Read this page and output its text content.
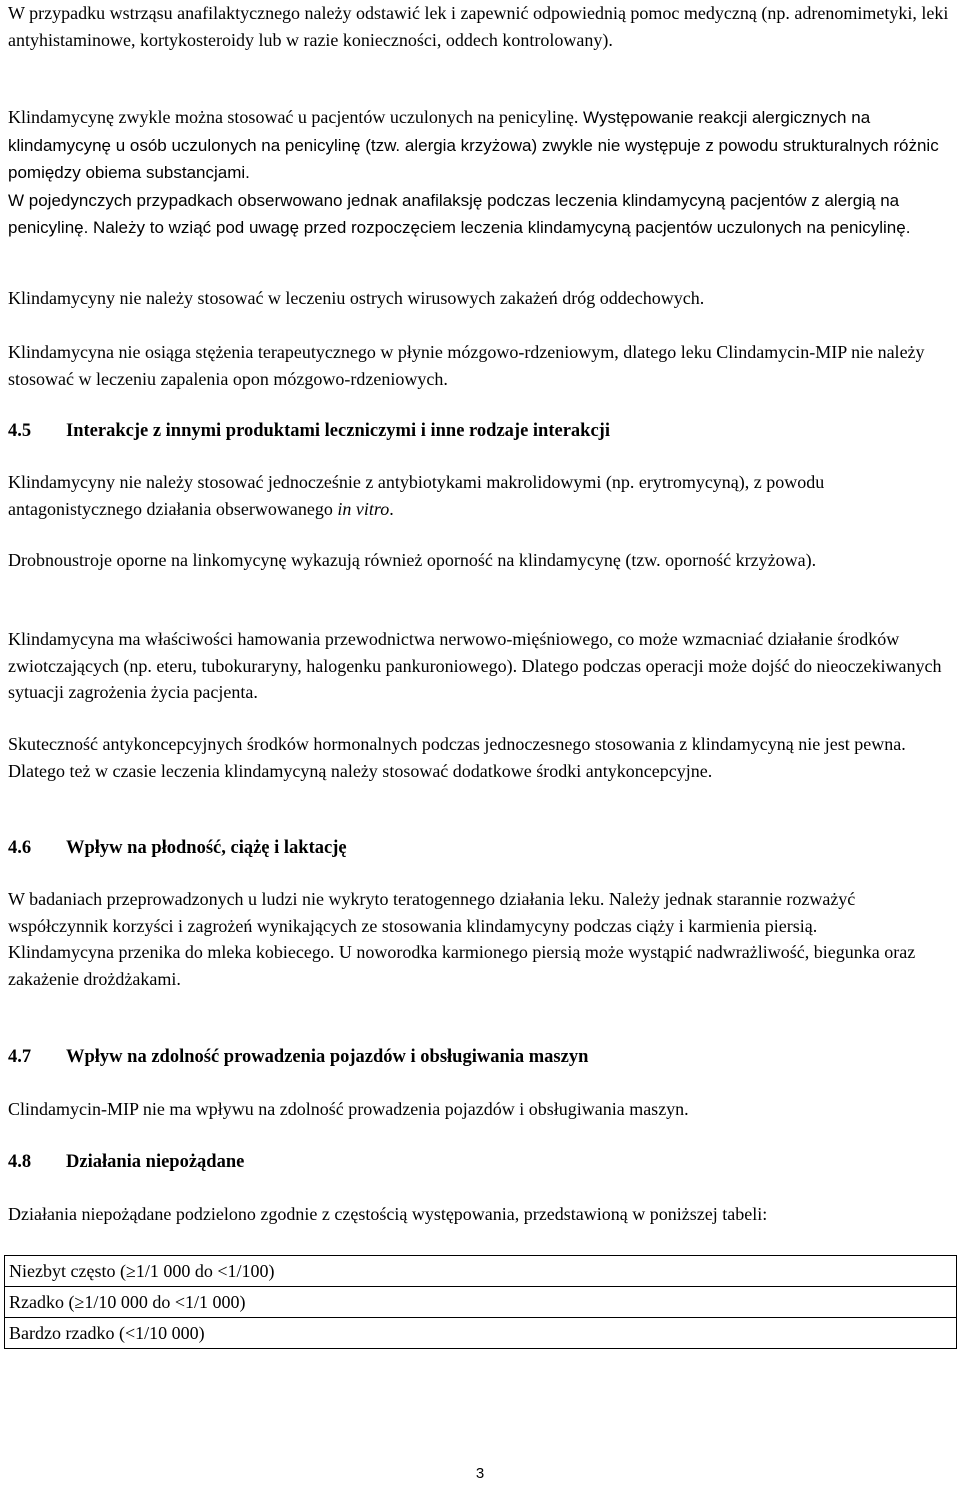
W przypadku wstrząsu anafilaktycznego należy odstawić lek i zapewnić odpowiednią pomoc medyczną (np. adrenomimetyki, leki antyhistaminowe, kortykosteroidy lub w razie konieczności, oddech kontrolowany).

Klindamycynę zwykle można stosować u pacjentów uczulonych na penicylinę. Występowanie reakcji alergicznych na klindamycynę u osób uczulonych na penicylinę (tzw. alergia krzyżowa) zwykle nie występuje z powodu strukturalnych różnic pomiędzy obiema substancjami.
W pojedynczych przypadkach obserwowano jednak anafilaksję podczas leczenia klindamycyną pacjentów z alergią na penicylinę. Należy to wziąć pod uwagę przed rozpoczęciem leczenia klindamycyną pacjentów uczulonych na penicylinę.

Klindamycyny nie należy stosować w leczeniu ostrych wirusowych zakażeń dróg oddechowych.

Klindamycyna nie osiąga stężenia terapeutycznego w płynie mózgowo-rdzeniowym, dlatego leku Clindamycin-MIP nie należy stosować w leczeniu zapalenia opon mózgowo-rdzeniowych.

4.5 Interakcje z innymi produktami leczniczymi i inne rodzaje interakcji

Klindamycyny nie należy stosować jednocześnie z antybiotykami makrolidowymi (np. erytromycyną), z powodu antagonistycznego działania obserwowanego in vitro.

Drobnoustroje oporne na linkomycynę wykazują również oporność na klindamycynę (tzw. oporność krzyżowa).

Klindamycyna ma właściwości hamowania przewodnictwa nerwowo-mięśniowego, co może wzmacniać działanie środków zwiotczających (np. eteru, tubokuraryny, halogenku pankuroniowego). Dlatego podczas operacji może dojść do nieoczekiwanych sytuacji zagrożenia życia pacjenta.

Skuteczność antykoncepcyjnych środków hormonalnych podczas jednoczesnego stosowania z klindamycyną nie jest pewna. Dlatego też w czasie leczenia klindamycyną należy stosować dodatkowe środki antykoncepcyjne.

4.6 Wpływ na płodność, ciążę i laktację

W badaniach przeprowadzonych u ludzi nie wykryto teratogennego działania leku. Należy jednak starannie rozważyć współczynnik korzyści i zagrożeń wynikających ze stosowania klindamycyny podczas ciąży i karmienia piersią.
Klindamycyna przenika do mleka kobiecego. U noworodka karmionego piersią może wystąpić nadwrażliwość, biegunka oraz zakażenie drożdżakami.

4.7 Wpływ na zdolność prowadzenia pojazdów i obsługiwania maszyn

Clindamycin-MIP nie ma wpływu na zdolność prowadzenia pojazdów i obsługiwania maszyn.

4.8 Działania niepożądane

Działania niepożądane podzielono zgodnie z częstością występowania, przedstawioną w poniższej tabeli:

Niezbyt często (≥1/1 000 do <1/100)
Rzadko (≥1/10 000 do <1/1 000)
Bardzo rzadko (<1/10 000)
3
